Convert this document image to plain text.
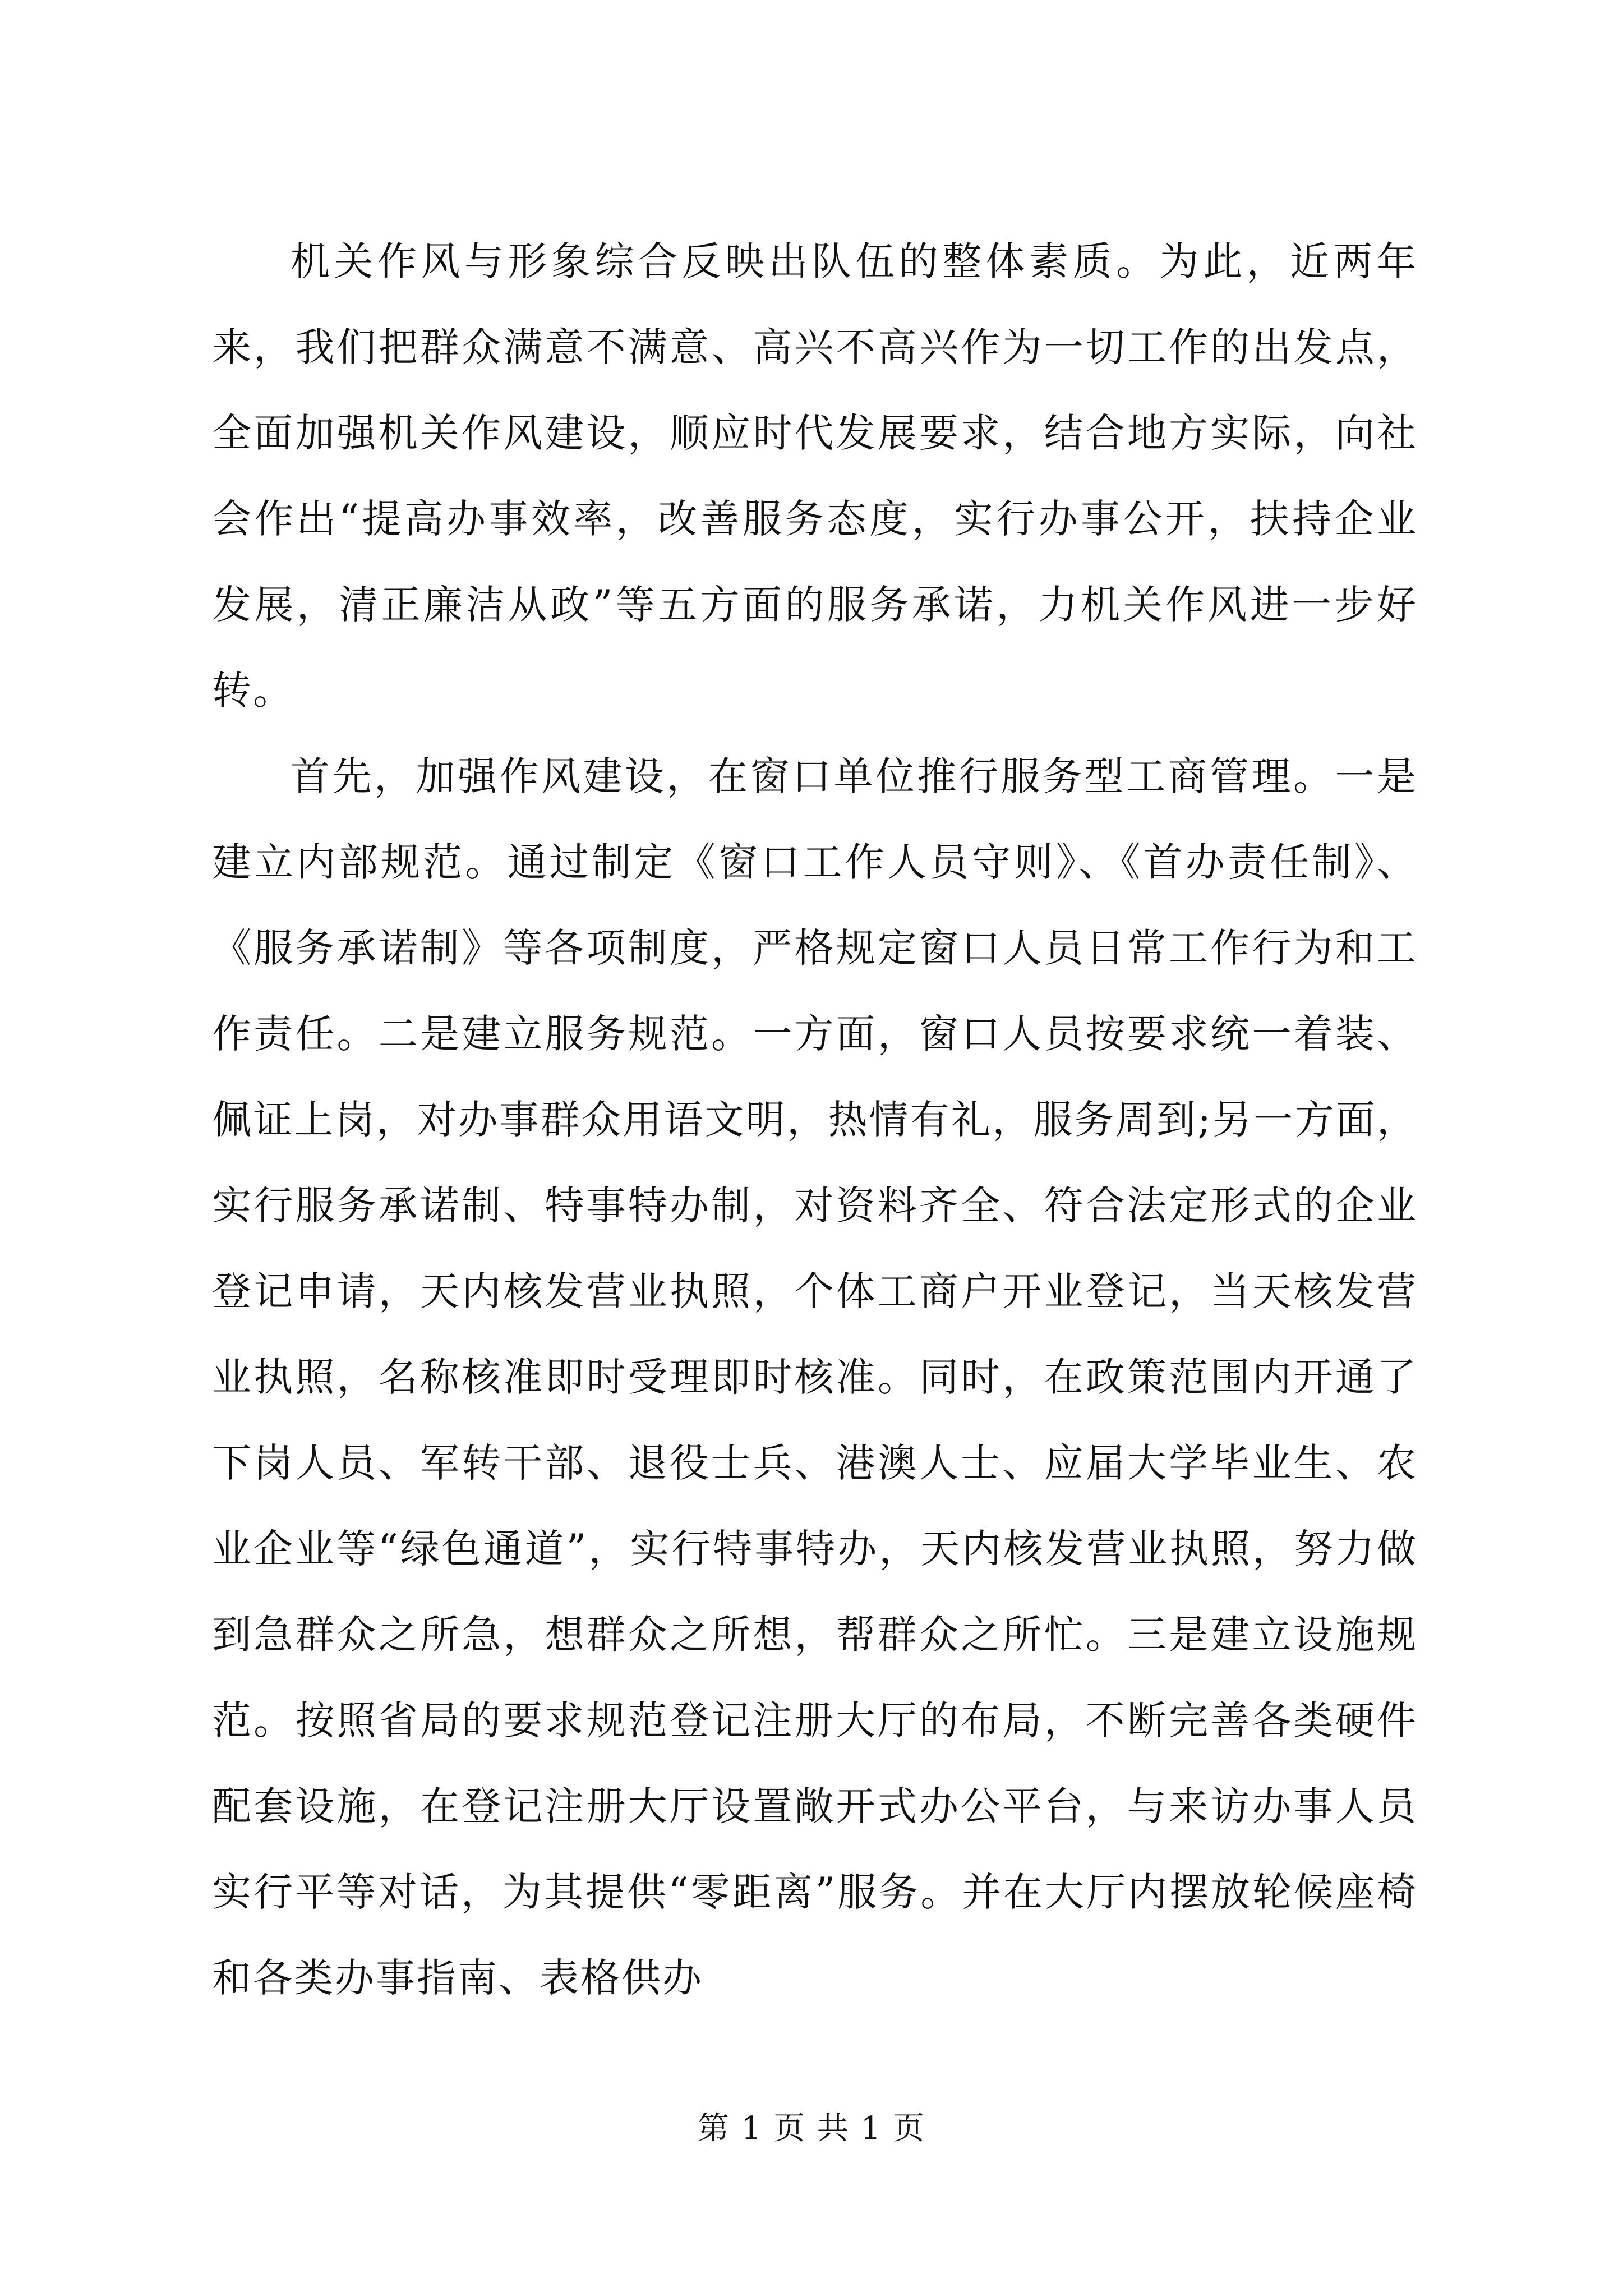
机关作风与形象综合反映出队伍的整体素质。为此，近两年来，我们把群众满意不满意、高兴不高兴作为一切工作的出发点，全面加强机关作风建设，顺应时代发展要求，结合地方实际，向社会作出“提高办事效率，改善服务态度，实行办事公开，扶持企业发展，清正廉洁从政”等五方面的服务承诺，力机关作风进一步好转。

首先，加强作风建设，在窗口单位推行服务型工商管理。一是建立内部规范。通过制定《窗口工作人员守则》、《首办责任制》、《服务承诺制》等各项制度，严格规定窗口人员日常工作行为和工作责任。二是建立服务规范。一方面，窗口人员按要求统一着装、佩证上岗，对办事群众用语文明，热情有礼，服务周到;另一方面，实行服务承诺制、特事特办制，对资料齐全、符合法定形式的企业登记申请，天内核发营业执照，个体工商户开业登记，当天核发营业执照，名称核准即时受理即时核准。同时，在政策范围内开通了下岗人员、军转干部、退役士兵、港澳人士、应届大学毕业生、农业企业等“绿色通道”，实行特事特办，天内核发营业执照，努力做到急群众之所急，想群众之所想，帮群众之所忙。三是建立设施规范。按照省局的要求规范登记注册大厅的布局，不断完善各类硬件配套设施，在登记注册大厅设置敞开式办公平台，与来访办事人员实行平等对话，为其提供“零距离”服务。并在大厅内摆放轮候座椅和各类办事指南、表格供办

第 1 页 共 1 页
